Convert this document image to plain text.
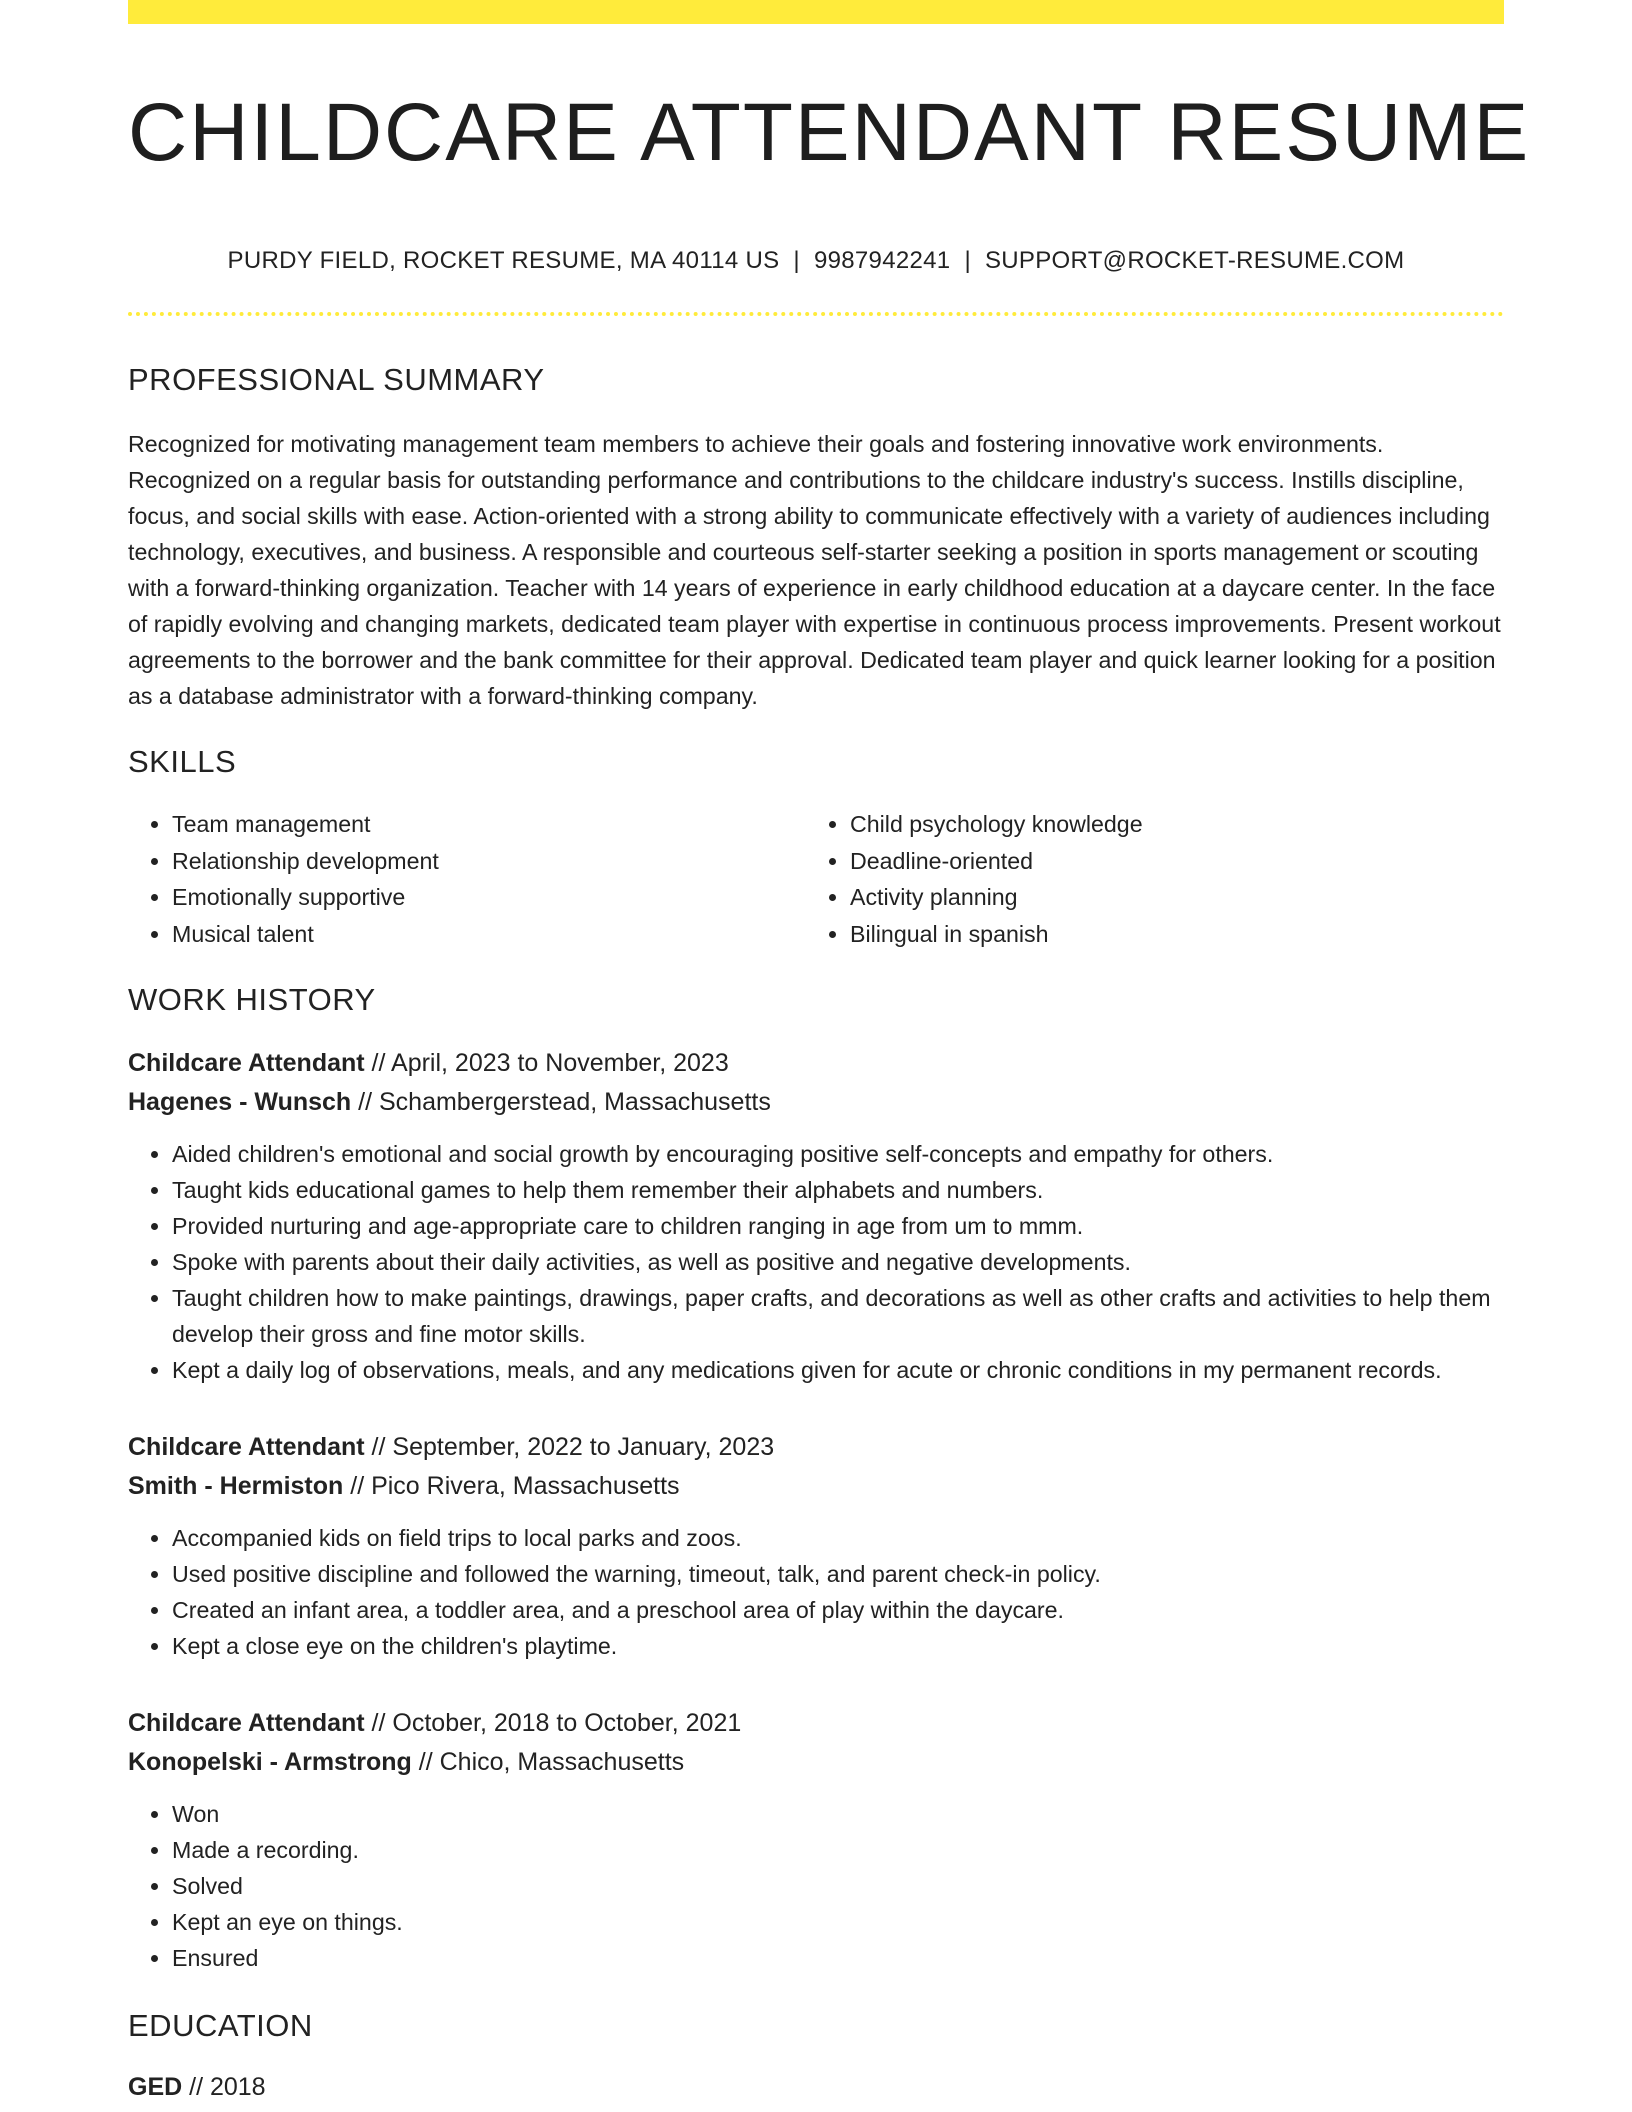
CHILDCARE ATTENDANT RESUME
PURDY FIELD, ROCKET RESUME, MA 40114 US | 9987942241 | SUPPORT@ROCKET-RESUME.COM
PROFESSIONAL SUMMARY

Recognized for motivating management team members to achieve their goals and fostering innovative work environments. Recognized on a regular basis for outstanding performance and contributions to the childcare industry's success. Instills discipline, focus, and social skills with ease. Action-oriented with a strong ability to communicate effectively with a variety of audiences including technology, executives, and business. A responsible and courteous self-starter seeking a position in sports management or scouting with a forward-thinking organization. Teacher with 14 years of experience in early childhood education at a daycare center. In the face of rapidly evolving and changing markets, dedicated team player with expertise in continuous process improvements. Present workout agreements to the borrower and the bank committee for their approval. Dedicated team player and quick learner looking for a position as a database administrator with a forward-thinking company.

SKILLS
• Team management
• Relationship development
• Emotionally supportive
• Musical talent
• Child psychology knowledge
• Deadline-oriented
• Activity planning
• Bilingual in spanish
WORK HISTORY
Childcare Attendant // April, 2023 to November, 2023
Hagenes - Wunsch // Schambergerstead, Massachusetts
• Aided children's emotional and social growth by encouraging positive self-concepts and empathy for others.
• Taught kids educational games to help them remember their alphabets and numbers.
• Provided nurturing and age-appropriate care to children ranging in age from um to mmm.
• Spoke with parents about their daily activities, as well as positive and negative developments.
• Taught children how to make paintings, drawings, paper crafts, and decorations as well as other crafts and activities to help them develop their gross and fine motor skills.
• Kept a daily log of observations, meals, and any medications given for acute or chronic conditions in my permanent records.
Childcare Attendant // September, 2022 to January, 2023
Smith - Hermiston // Pico Rivera, Massachusetts
• Accompanied kids on field trips to local parks and zoos.
• Used positive discipline and followed the warning, timeout, talk, and parent check-in policy.
• Created an infant area, a toddler area, and a preschool area of play within the daycare.
• Kept a close eye on the children's playtime.
Childcare Attendant // October, 2018 to October, 2021
Konopelski - Armstrong // Chico, Massachusetts
• Won
• Made a recording.
• Solved
• Kept an eye on things.
• Ensured
EDUCATION
GED // 2018
